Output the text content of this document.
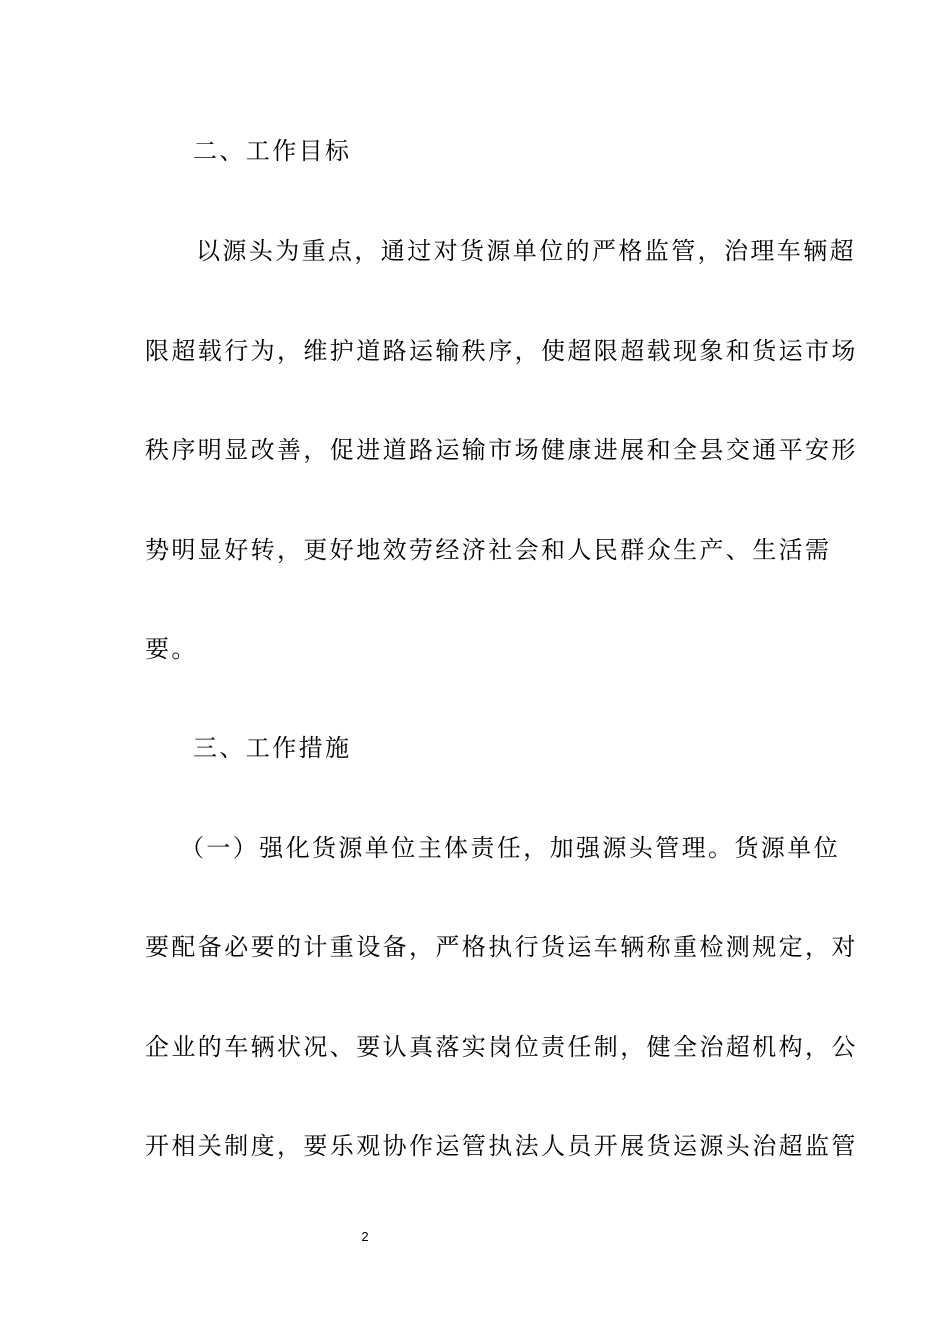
二、工作目标
以源头为重点，通过对货源单位的严格监管，治理车辆超
限超载行为，维护道路运输秩序，使超限超载现象和货运市场
秩序明显改善，促进道路运输市场健康进展和全县交通平安形
势明显好转，更好地效劳经济社会和人民群众生产、生活需
要。
三、工作措施
（一）强化货源单位主体责任，加强源头管理。货源单位
要配备必要的计重设备，严格执行货运车辆称重检测规定，对
企业的车辆状况、要认真落实岗位责任制，健全治超机构，公
开相关制度，要乐观协作运管执法人员开展货运源头治超监管
2
